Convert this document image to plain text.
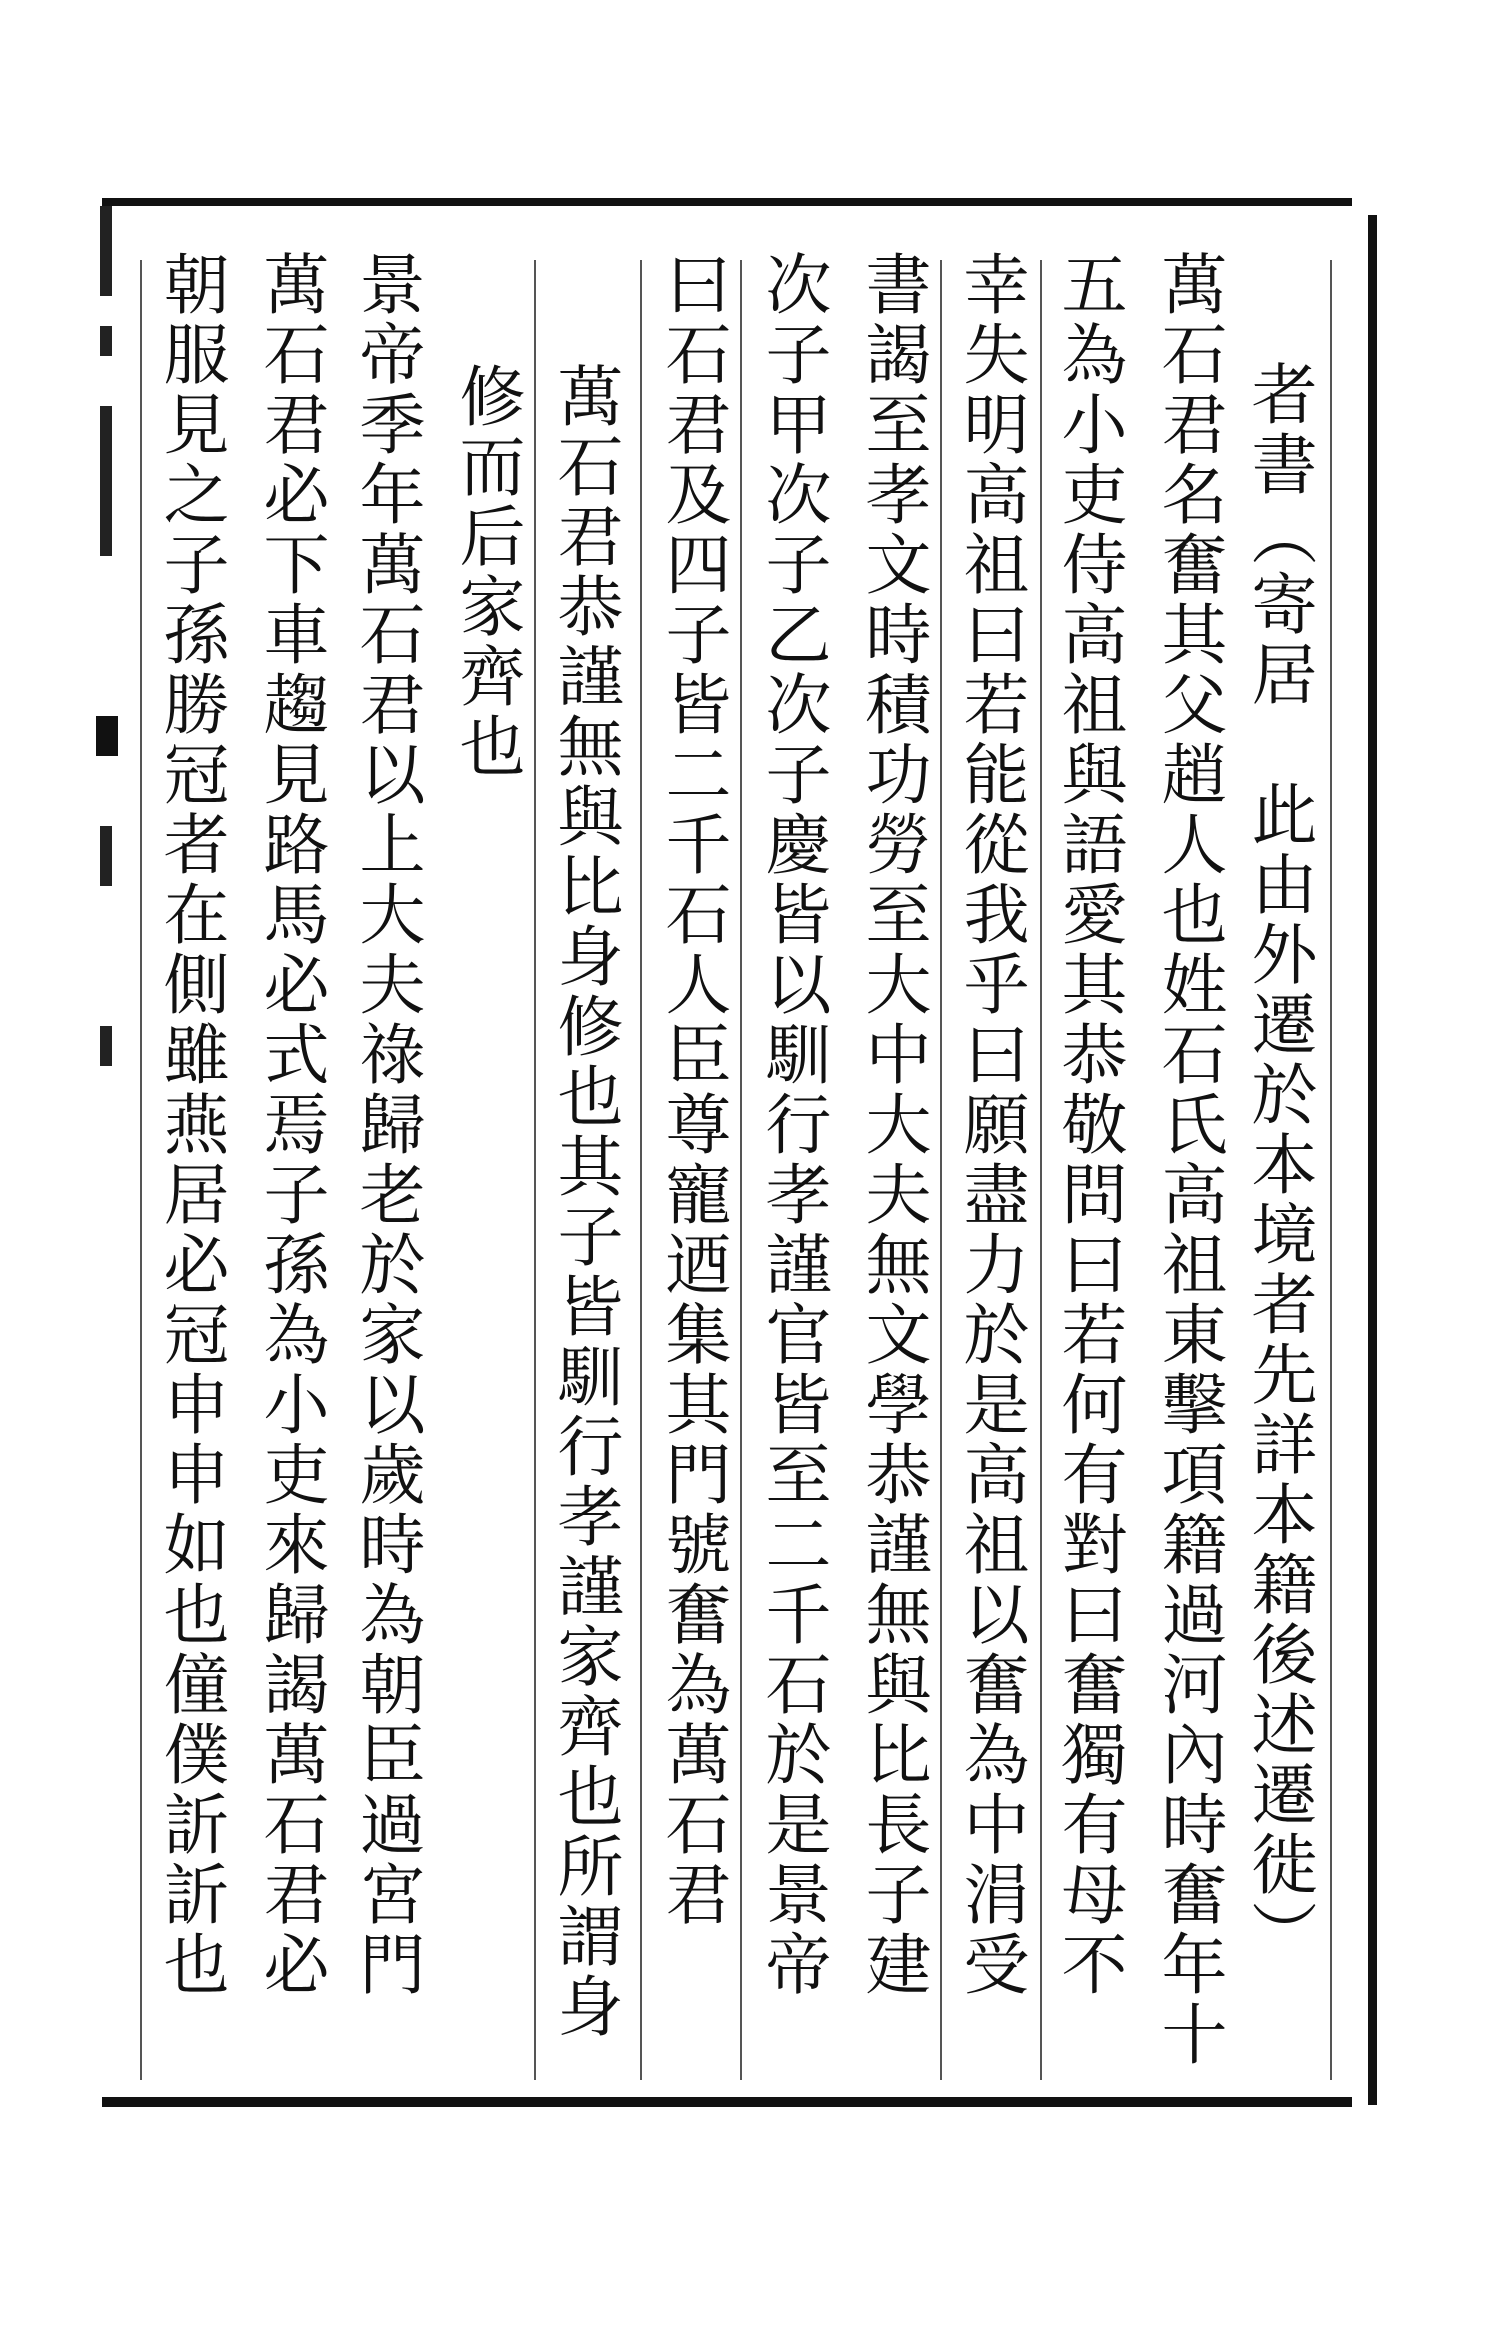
者書（寄居　此由外遷於本境者先詳本籍後述遷徙）
萬石君名奮其父趙人也姓石氏高祖東擊項籍過河內時奮年十
五為小吏侍高祖與語愛其恭敬問曰若何有對曰奮獨有母不
幸失明高祖曰若能從我乎曰願盡力於是高祖以奮為中涓受
書謁至孝文時積功勞至大中大夫無文學恭謹無與比長子建
次子甲次子乙次子慶皆以馴行孝謹官皆至二千石於是景帝
曰石君及四子皆二千石人臣尊寵迺集其門號奮為萬石君
萬石君恭謹無與比身修也其子皆馴行孝謹家齊也所謂身
修而后家齊也
景帝季年萬石君以上大夫祿歸老於家以歲時為朝臣過宮門
萬石君必下車趨見路馬必式焉子孫為小吏來歸謁萬石君必
朝服見之子孫勝冠者在側雖燕居必冠申申如也僮僕訢訢也
